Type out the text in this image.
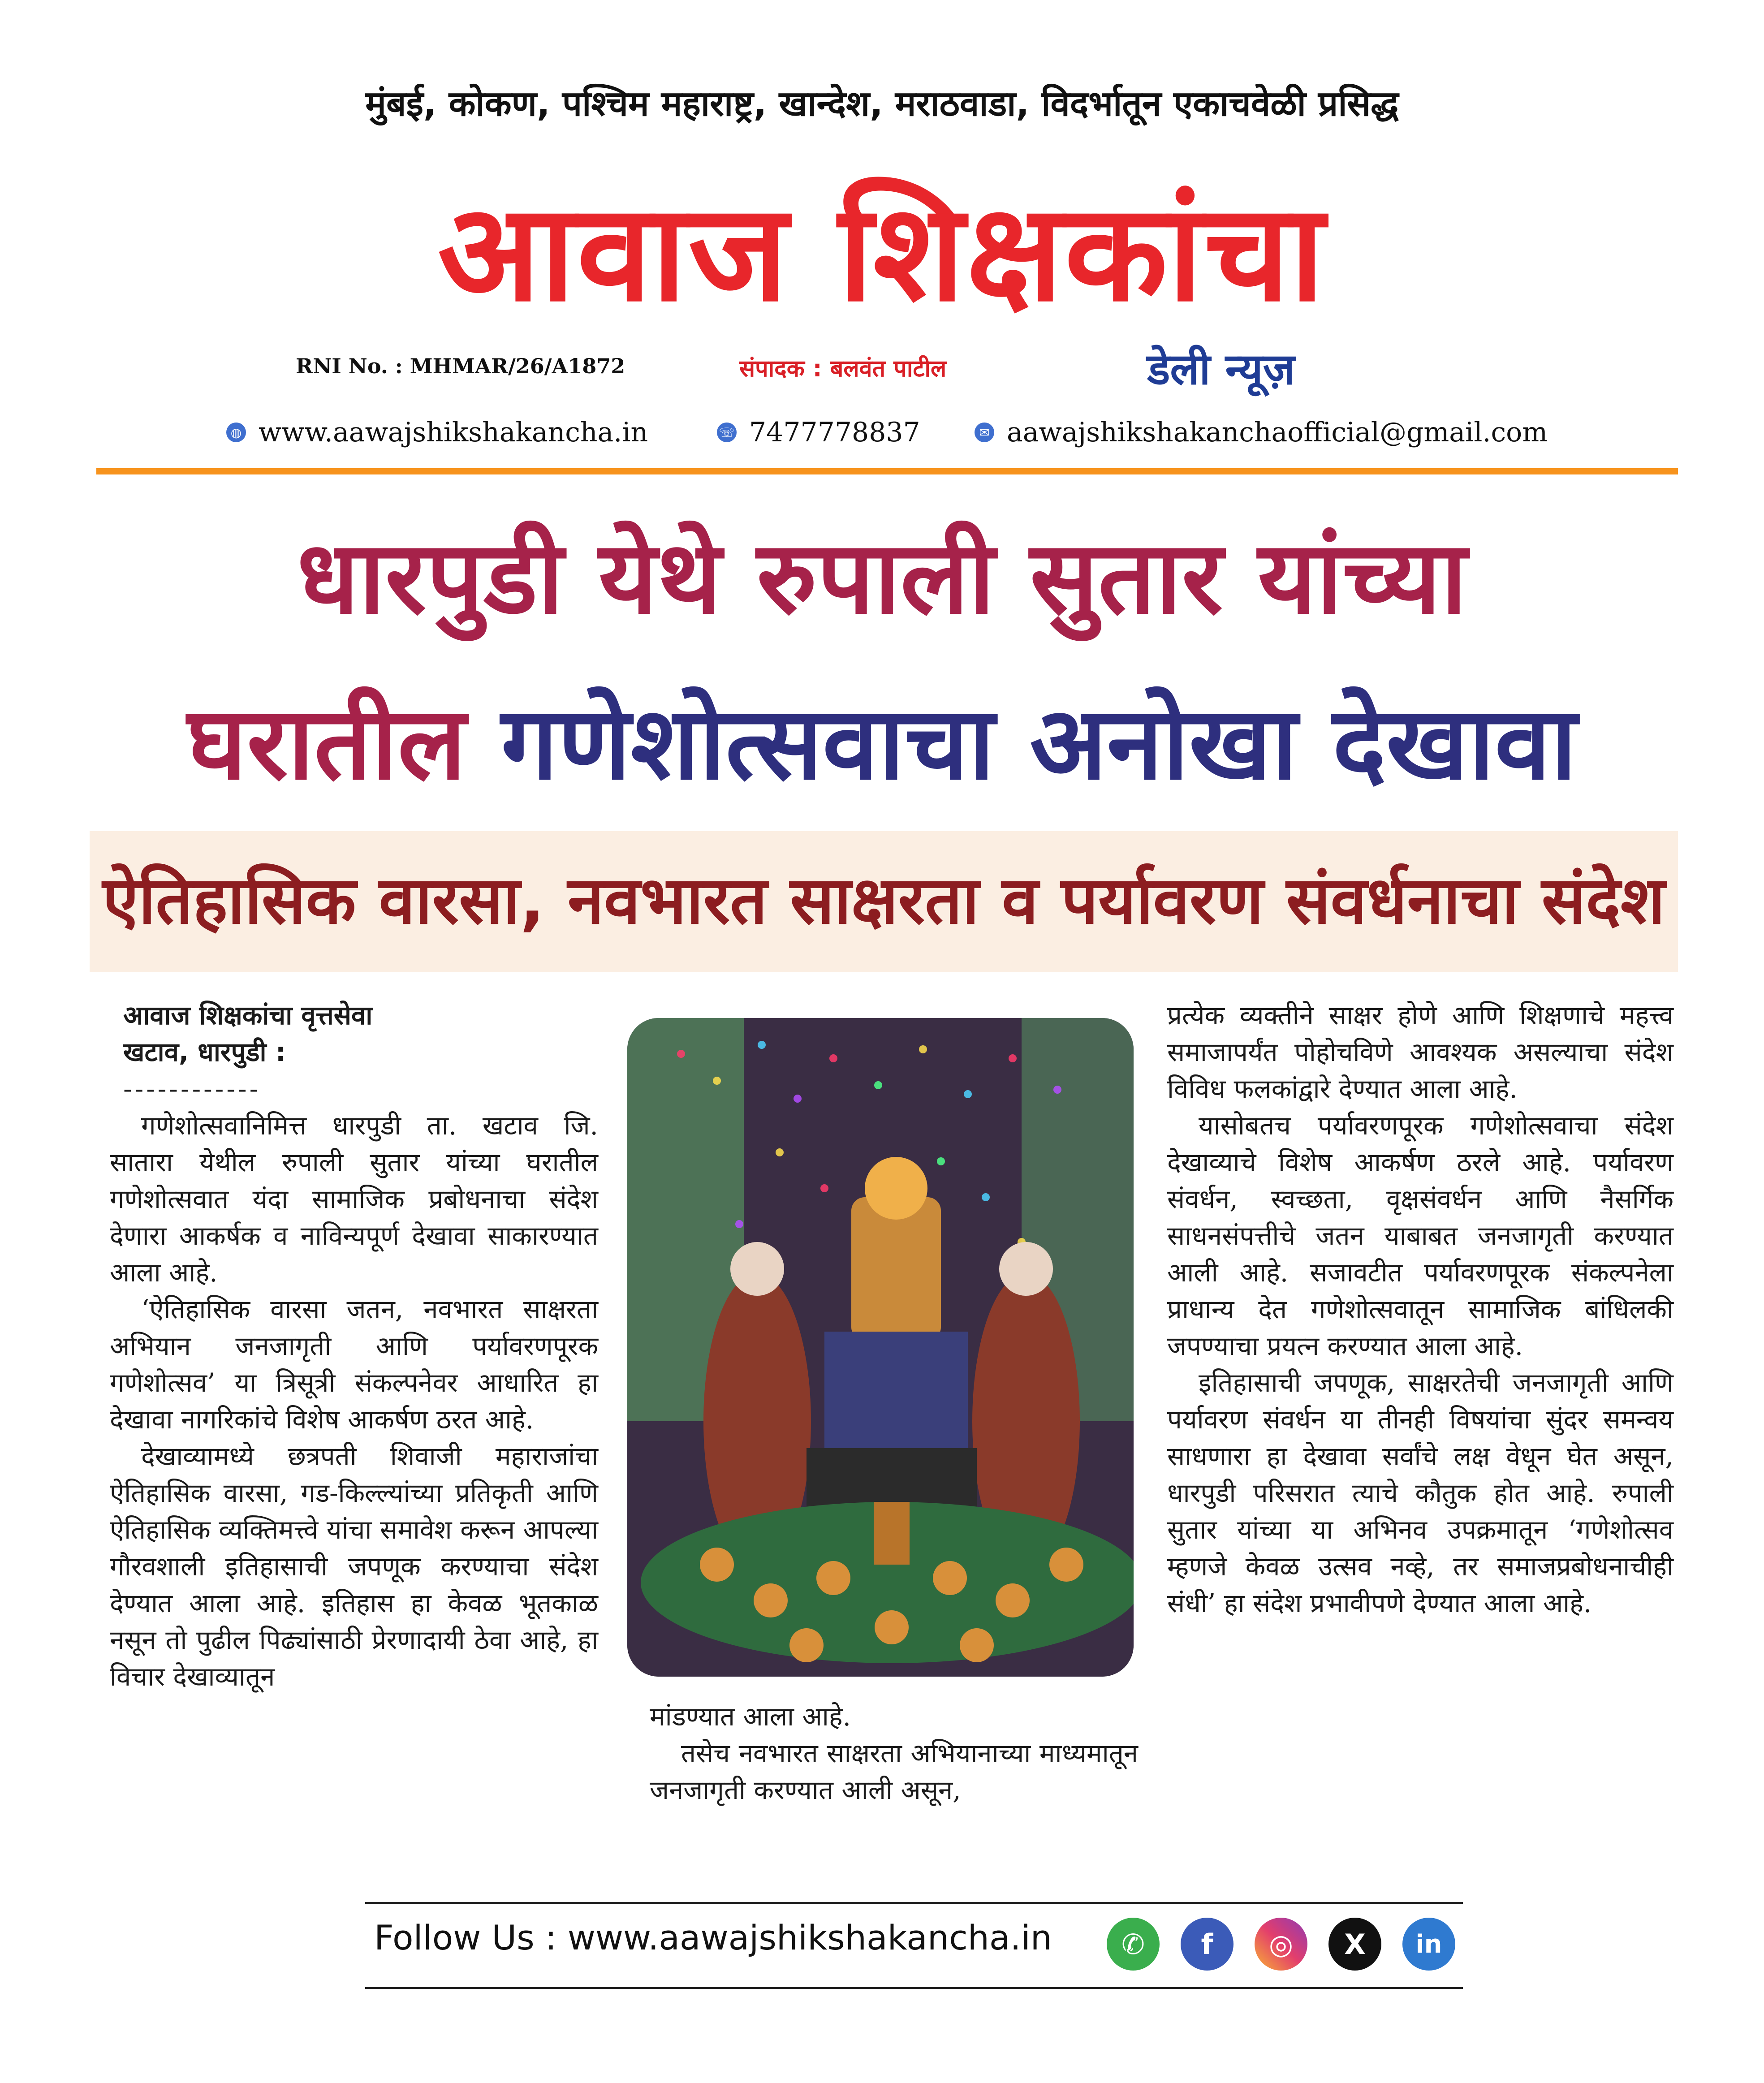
मुंबई, कोकण, पश्चिम महाराष्ट्र, खान्देश, मराठवाडा, विदर्भातून एकाचवेळी प्रसिद्ध
आवाज शिक्षकांचा
RNI No. : MHMAR/26/A1872	संपादक : बलवंत पाटील	डेली न्यूज़
◍ www.aawajshikshakancha.in	☏ 7477778837	✉ aawajshikshakanchaofficial@gmail.com
धारपुडी येथे रुपाली सुतार यांच्या
घरातील गणेशोत्सवाचा अनोखा देखावा
ऐतिहासिक वारसा, नवभारत साक्षरता व पर्यावरण संवर्धनाचा संदेश

आवाज शिक्षकांचा वृत्तसेवा

खटाव, धारपुडी :

------------

गणेशोत्सवानिमित्त धारपुडी ता. खटाव जि. सातारा येथील रुपाली सुतार यांच्या घरातील गणेशोत्सवात यंदा सामाजिक प्रबोधनाचा संदेश देणारा आकर्षक व नाविन्यपूर्ण देखावा साकारण्यात आला आहे.

‘ऐतिहासिक वारसा जतन, नवभारत साक्षरता अभियान जनजागृती आणि पर्यावरणपूरक गणेशोत्सव’ या त्रिसूत्री संकल्पनेवर आधारित हा देखावा नागरिकांचे विशेष आकर्षण ठरत आहे.

देखाव्यामध्ये छत्रपती शिवाजी महाराजांचा ऐतिहासिक वारसा, गड-किल्ल्यांच्या प्रतिकृती आणि ऐतिहासिक व्यक्तिमत्त्वे यांचा समावेश करून आपल्या गौरवशाली इतिहासाची जपणूक करण्याचा संदेश देण्यात आला आहे. इतिहास हा केवळ भूतकाळ नसून तो पुढील पिढ्यांसाठी प्रेरणादायी ठेवा आहे, हा विचार देखाव्यातून

मांडण्यात आला आहे.

तसेच नवभारत साक्षरता अभियानाच्या माध्यमातून जनजागृती करण्यात आली असून,

प्रत्येक व्यक्तीने साक्षर होणे आणि शिक्षणाचे महत्त्व समाजापर्यंत पोहोचविणे आवश्यक असल्याचा संदेश विविध फलकांद्वारे देण्यात आला आहे.

यासोबतच पर्यावरणपूरक गणेशोत्सवाचा संदेश देखाव्याचे विशेष आकर्षण ठरले आहे. पर्यावरण संवर्धन, स्वच्छता, वृक्षसंवर्धन आणि नैसर्गिक साधनसंपत्तीचे जतन याबाबत जनजागृती करण्यात आली आहे. सजावटीत पर्यावरणपूरक संकल्पनेला प्राधान्य देत गणेशोत्सवातून सामाजिक बांधिलकी जपण्याचा प्रयत्न करण्यात आला आहे.

इतिहासाची जपणूक, साक्षरतेची जनजागृती आणि पर्यावरण संवर्धन या तीनही विषयांचा सुंदर समन्वय साधणारा हा देखावा सर्वांचे लक्ष वेधून घेत असून, धारपुडी परिसरात त्याचे कौतुक होत आहे. रुपाली सुतार यांच्या या अभिनव उपक्रमातून ‘गणेशोत्सव म्हणजे केवळ उत्सव नव्हे, तर समाजप्रबोधनाचीही संधी’ हा संदेश प्रभावीपणे देण्यात आला आहे.

Follow Us : www.aawajshikshakancha.in	✆	f	◎	X	in
